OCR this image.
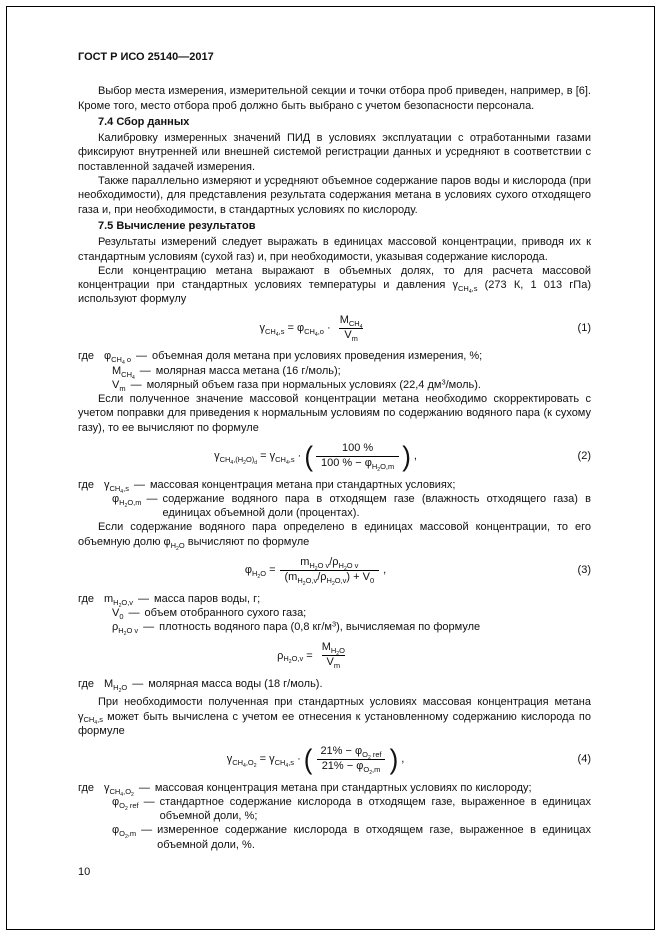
ГОСТ Р ИСО 25140—2017

Выбор места измерения, измерительной секции и точки отбора проб приведен, например, в [6]. Кроме того, место отбора проб должно быть выбрано с учетом безопасности персонала.

7.4 Сбор данных

Калибровку измеренных значений ПИД в условиях эксплуатации с отработанными газами фиксируют внутренней или внешней системой регистрации данных и усредняют в соответствии с поставленной задачей измерения.

Также параллельно измеряют и усредняют объемное содержание паров воды и кислорода (при необходимости), для представления результата содержания метана в условиях сухого отходящего газа и, при необходимости, в стандартных условиях по кислороду.

7.5 Вычисление результатов

Результаты измерений следует выражать в единицах массовой концентрации, приводя их к стандартным условиям (сухой газ) и, при необходимости, указывая содержание кислорода.

Если концентрацию метана выражают в объемных долях, то для расчета массовой концентрации при стандартных условиях температуры и давления $\gamma_{CH_4,s}$ (273 К, 1 013 гПа) используют формулу

$\gamma_{CH_4,s} = \varphi_{CH_4,o} \cdot \frac{M_{CH_4}}{V_m}$	(1)
где $\varphi_{CH_4 o}$ — объемная доля метана при условиях проведения измерения, %;
$M_{CH_4}$
— молярная масса метана (16 г/моль);
$V_m$ — молярный объем газа при нормальных условиях (22,4 $дм^3/моль$).

Если полученное значение массовой концентрации метана необходимо скорректировать с учетом поправки для приведения к нормальным условиям по содержанию водяного пара (к сухому газу), то ее вычисляют по формуле

$\gamma_{CH_4,(H_2O)_d} = \gamma_{CH_4,s}$ · ( $\frac{100 \%}{100 \% - \varphi_{H_2O,m}}$ ) ,	(2)
где $\gamma_{CH_4,s}$ — массовая концентрация метана при стандартных условиях;
$\varphi_{H_2O,m}$ — содержание водяного пара в отходящем газе (влажность отходящего газа) в единицах объемной доли (процентах).

Если содержание водяного пара определено в единицах массовой концентрации, то его объемную долю $\varphi_{H_2O}$ вычисляют по формуле

$\varphi_{H_2O} = \frac{m_{H_2O v}/\rho_{H_2O v}}{(m_{H_2O,v}/\rho_{H_2O,v}) + V_0}$ ,	(3)
где $m_{H_2O,v}$ — масса паров воды, г;
$V_0$ — объем отобранного сухого газа;
$\rho_{H_2O v}$ — плотность водяного пара (0,8 $кг/м^3$), вычисляемая по формуле
$\rho_{H_2O,v} = \frac{M_{H_2O}}{V_m}$
где $M_{H_2O}$ — молярная масса воды (18 г/моль).

При необходимости полученная при стандартных условиях массовая концентрация метана $\gamma_{CH_4,s}$ может быть вычислена с учетом ее отнесения к установленному содержанию кислорода по формуле

$\gamma_{CH_4,O_2} = \gamma_{CH_4,s}$ · ( $\frac{21\% - \varphi_{O_2 ref}}{21\% - \varphi_{O_2,m}}$ ) ,	(4)
где $\gamma_{CH_4,O_2}$
— массовая концентрация метана при стандартных условиях по кислороду;
$\varphi_{O_2 ref}$ — стандартное содержание кислорода в отходящем газе, выраженное в единицах объемной доли, %;
$\varphi_{O_2,m}$ — измеренное содержание кислорода в отходящем газе, выраженное в единицах объемной доли, %.
10
